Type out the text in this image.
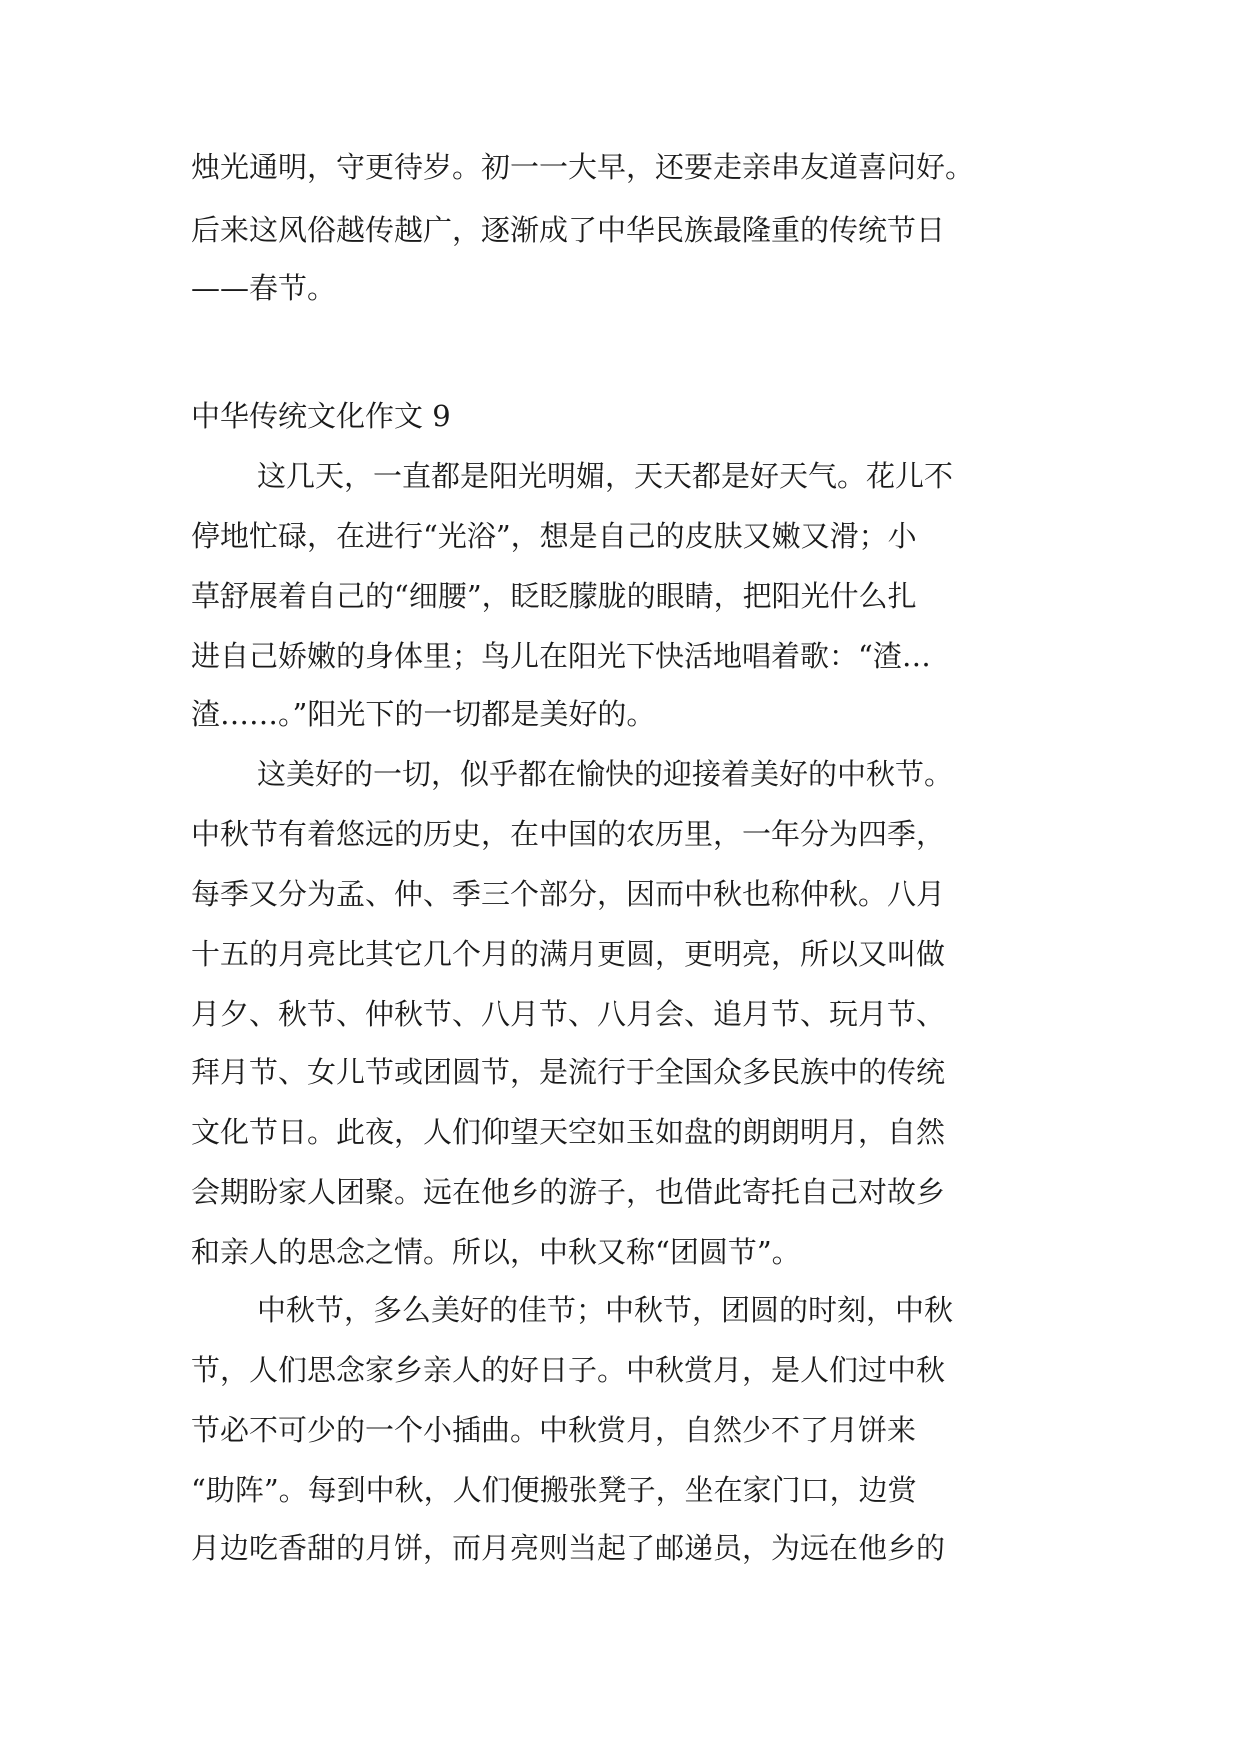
烛光通明，守更待岁。初一一大早，还要走亲串友道喜问好。
后来这风俗越传越广，逐渐成了中华民族最隆重的传统节日
——春节。
中华传统文化作文 9
这几天，一直都是阳光明媚，天天都是好天气。花儿不
停地忙碌，在进行“光浴”，想是自己的皮肤又嫩又滑；小
草舒展着自己的“细腰”，眨眨朦胧的眼睛，把阳光什么扎
进自己娇嫩的身体里；鸟儿在阳光下快活地唱着歌：“渣…
渣……。”阳光下的一切都是美好的。
这美好的一切，似乎都在愉快的迎接着美好的中秋节。
中秋节有着悠远的历史，在中国的农历里，一年分为四季，
每季又分为孟、仲、季三个部分，因而中秋也称仲秋。八月
十五的月亮比其它几个月的满月更圆，更明亮，所以又叫做
月夕、秋节、仲秋节、八月节、八月会、追月节、玩月节、
拜月节、女儿节或团圆节，是流行于全国众多民族中的传统
文化节日。此夜，人们仰望天空如玉如盘的朗朗明月，自然
会期盼家人团聚。远在他乡的游子，也借此寄托自己对故乡
和亲人的思念之情。所以，中秋又称“团圆节”。
中秋节，多么美好的佳节；中秋节，团圆的时刻，中秋
节，人们思念家乡亲人的好日子。中秋赏月，是人们过中秋
节必不可少的一个小插曲。中秋赏月，自然少不了月饼来
“助阵”。每到中秋，人们便搬张凳子，坐在家门口，边赏
月边吃香甜的月饼，而月亮则当起了邮递员，为远在他乡的
